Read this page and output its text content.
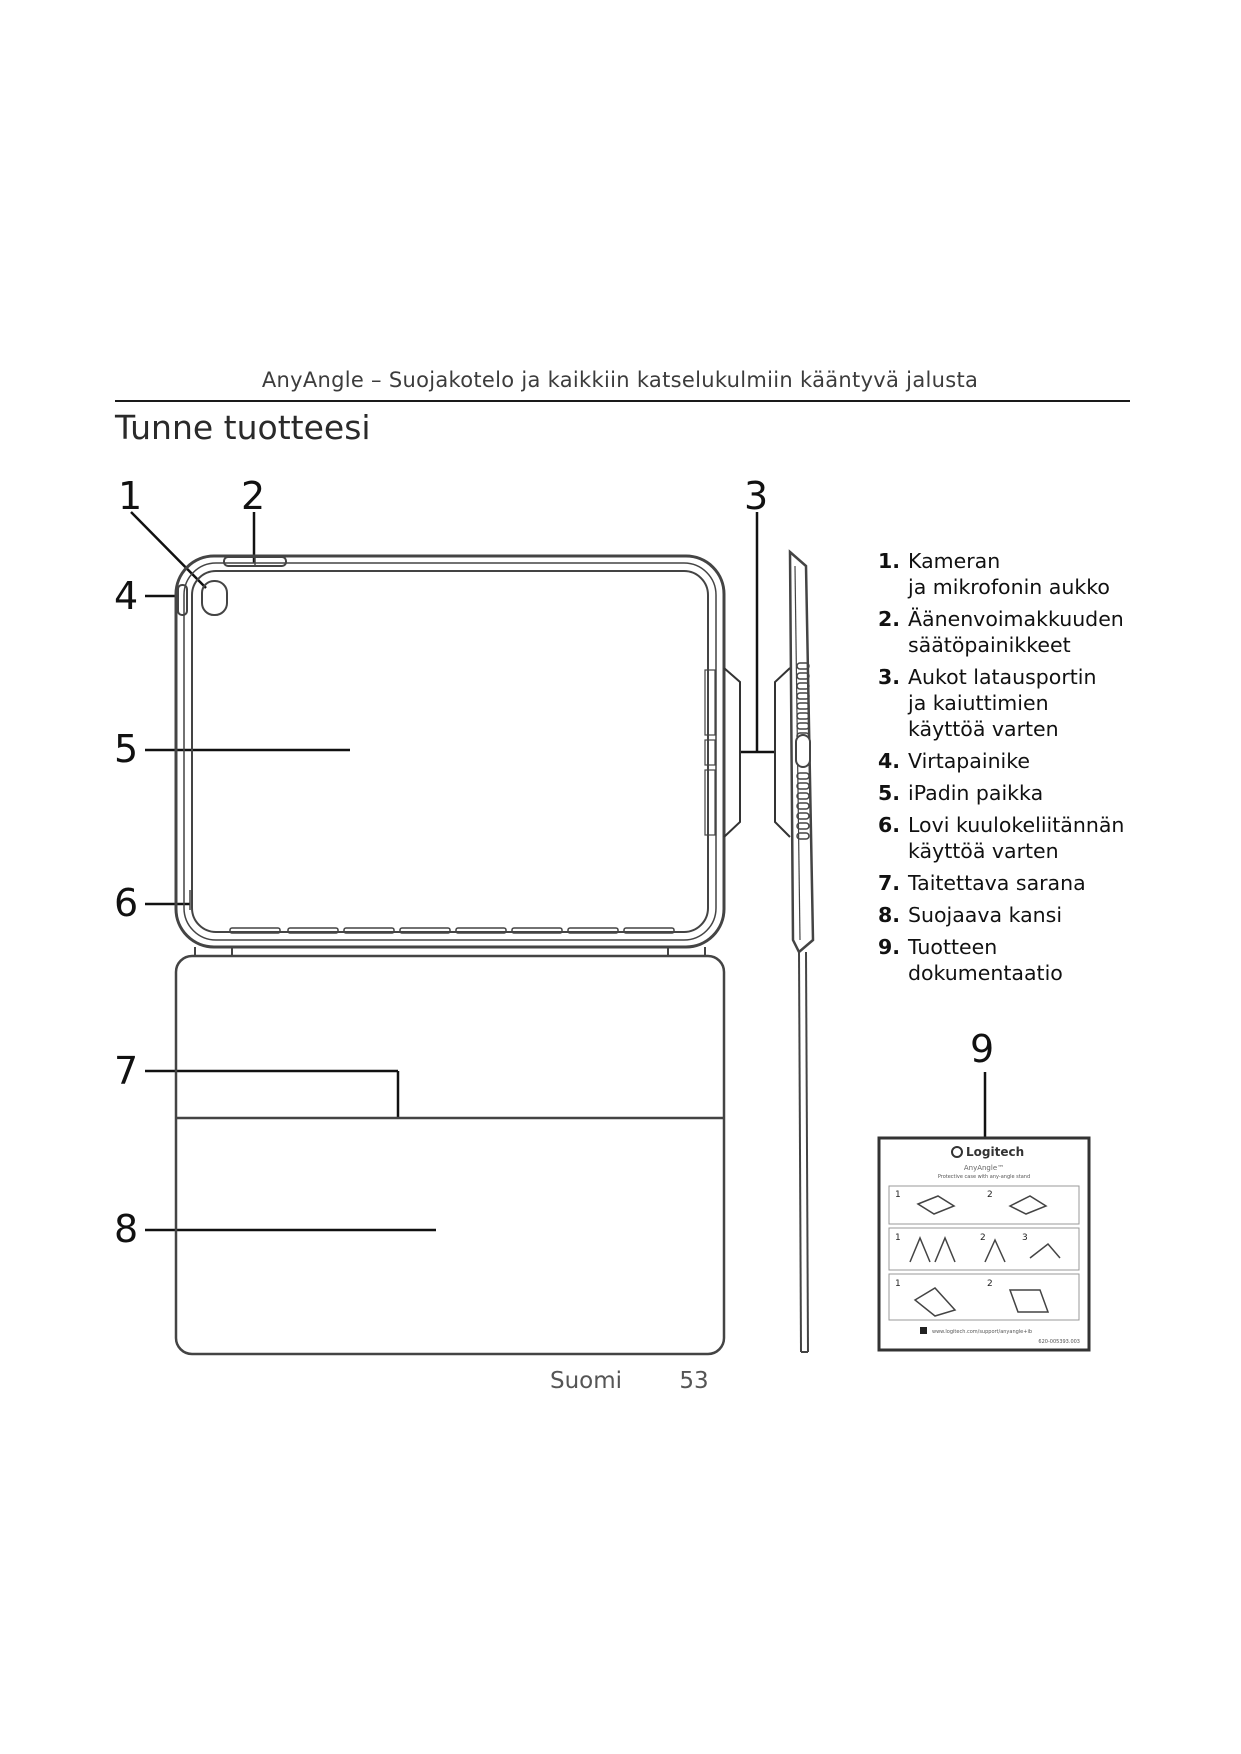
AnyAngle – Suojakotelo ja kaikkiin katselukulmiin kääntyvä jalusta
Tunne tuotteesi
1	2	3
4
5
6
7
8
9
Logitech
AnyAngle™
Protective case with any-angle stand
1	2
1	2	3
1	2
www.logitech.com/support/anyangle+ib
620-005393.003
1. Kameran
ja mikrofonin aukko
2. Äänenvoimakkuuden
säätöpainikkeet
3. Aukot latausportin
ja kaiuttimien
käyttöä varten
4. Virtapainike
5. iPadin paikka
6. Lovi kuulokeliitännän
käyttöä varten
7. Taitettava sarana
8. Suojaava kansi
9. Tuotteen
dokumentaatio
Suomi 53
